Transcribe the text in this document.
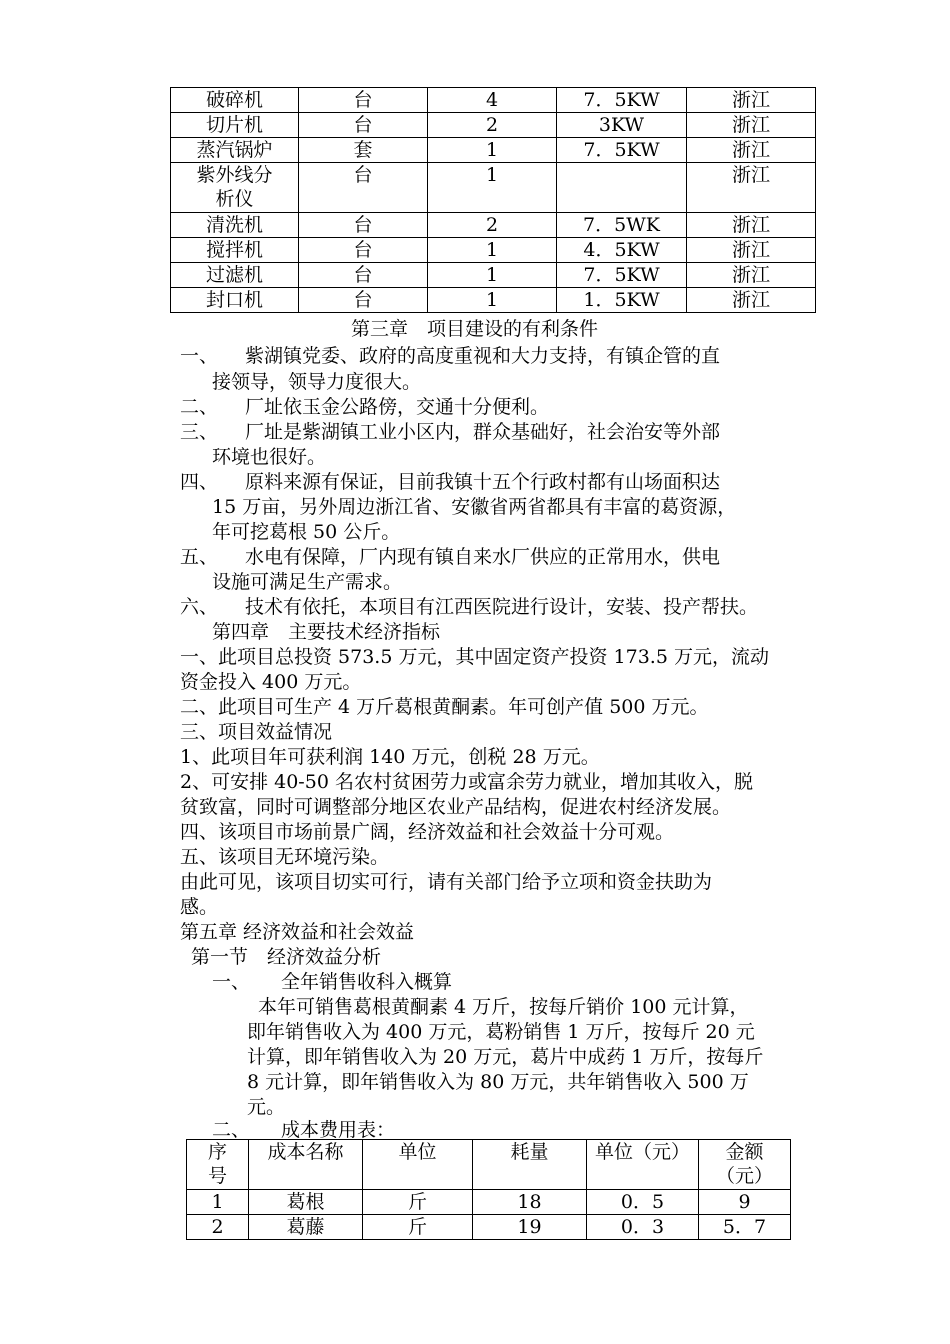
破碎机	台	4	7．5KW	浙江
切片机	台	2	3KW	浙江
蒸汽锅炉	套	1	7．5KW	浙江
紫外线分
析仪	台	1		浙江
清洗机	台	2	7．5WK	浙江
搅拌机	台	1	4．5KW	浙江
过滤机	台	1	7．5KW	浙江
封口机	台	1	1．5KW	浙江
第三章　项目建设的有利条件
一、 紫湖镇党委、政府的高度重视和大力支持，有镇企管的直
接领导，领导力度很大。
二、 厂址依玉金公路傍，交通十分便利。
三、 厂址是紫湖镇工业小区内，群众基础好，社会治安等外部
环境也很好。
四、 原料来源有保证，目前我镇十五个行政村都有山场面积达
15 万亩，另外周边浙江省、安徽省两省都具有丰富的葛资源，
年可挖葛根 50 公斤。
五、 水电有保障，厂内现有镇自来水厂供应的正常用水，供电
设施可满足生产需求。
六、 技术有依托，本项目有江西医院进行设计，安装、投产帮扶。
第四章　主要技术经济指标
一、此项目总投资 573.5 万元，其中固定资产投资 173.5 万元，流动
资金投入 400 万元。
二、此项目可生产 4 万斤葛根黄酮素。年可创产值 500 万元。
三、项目效益情况
1、此项目年可获利润 140 万元，创税 28 万元。
2、可安排 40-50 名农村贫困劳力或富余劳力就业，增加其收入，脱
贫致富，同时可调整部分地区农业产品结构，促进农村经济发展。
四、该项目市场前景广阔，经济效益和社会效益十分可观。
五、该项目无环境污染。
由此可见，该项目切实可行，请有关部门给予立项和资金扶助为
感。
第五章 经济效益和社会效益
第一节　经济效益分析
一、 全年销售收科入概算
本年可销售葛根黄酮素 4 万斤，按每斤销价 100 元计算，
即年销售收入为 400 万元，葛粉销售 1 万斤，按每斤 20 元
计算，即年销售收入为 20 万元，葛片中成药 1 万斤，按每斤
8 元计算，即年销售收入为 80 万元，共年销售收入 500 万
元。
二、 成本费用表：
序
号	成本名称	单位	耗量	单位（元）	金额
（元）
1	葛根	斤	18	0．5	9
2	葛藤	斤	19	0．3	5．7
